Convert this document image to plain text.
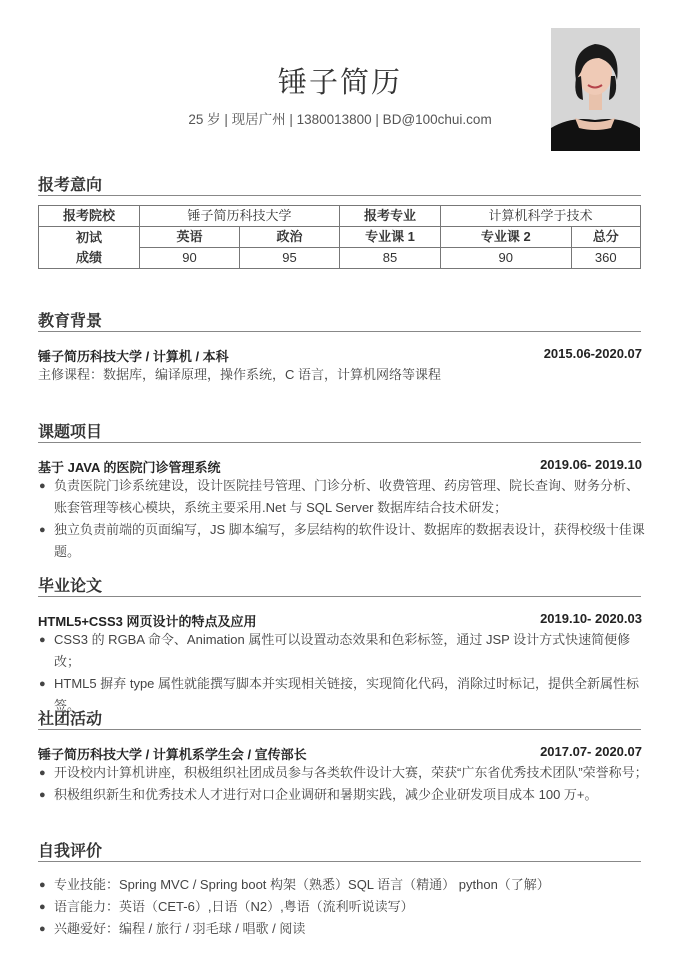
锤子简历
25 岁 | 现居广州 | 1380013800 | BD@100chui.com
报考意向
报考院校	锤子简历科技大学		报考专业	计算机科学于技术	

初试
成绩	英语	政治	专业课 1	专业课 2	总分
	90	95	85	90	360
教育背景
锤子简历科技大学 / 计算机 / 本科	2015.06-2020.07
主修课程：数据库，编译原理，操作系统，C 语言，计算机网络等课程
课题项目
基于 JAVA 的医院门诊管理系统	2019.06- 2019.10
● 负责医院门诊系统建设，设计医院挂号管理、门诊分析、收费管理、药房管理、院长查询、财务分析、账套管理等核心模块，系统主要采用.Net 与 SQL Server 数据库结合技术研发；
● 独立负责前端的页面编写，JS 脚本编写，多层结构的软件设计、数据库的数据表设计，获得校级十佳课题。
毕业论文
HTML5+CSS3 网页设计的特点及应用	2019.10- 2020.03
● CSS3 的 RGBA 命令、Animation 属性可以设置动态效果和色彩标签，通过 JSP 设计方式快速简便修改；
● HTML5 摒弃 type 属性就能撰写脚本并实现相关链接，实现简化代码，消除过时标记，提供全新属性标签。
社团活动
锤子简历科技大学 / 计算机系学生会 / 宣传部长	2017.07- 2020.07
● 开设校内计算机讲座，积极组织社团成员参与各类软件设计大赛，荣获“广东省优秀技术团队”荣誉称号；
● 积极组织新生和优秀技术人才进行对口企业调研和暑期实践，减少企业研发项目成本 100 万+。
自我评价
● 专业技能：Spring MVC / Spring boot 构架（熟悉）SQL 语言（精通） python（了解）
● 语言能力：英语（CET-6）,日语（N2）,粤语（流利听说读写）
● 兴趣爱好：编程 / 旅行 / 羽毛球 / 唱歌 / 阅读
